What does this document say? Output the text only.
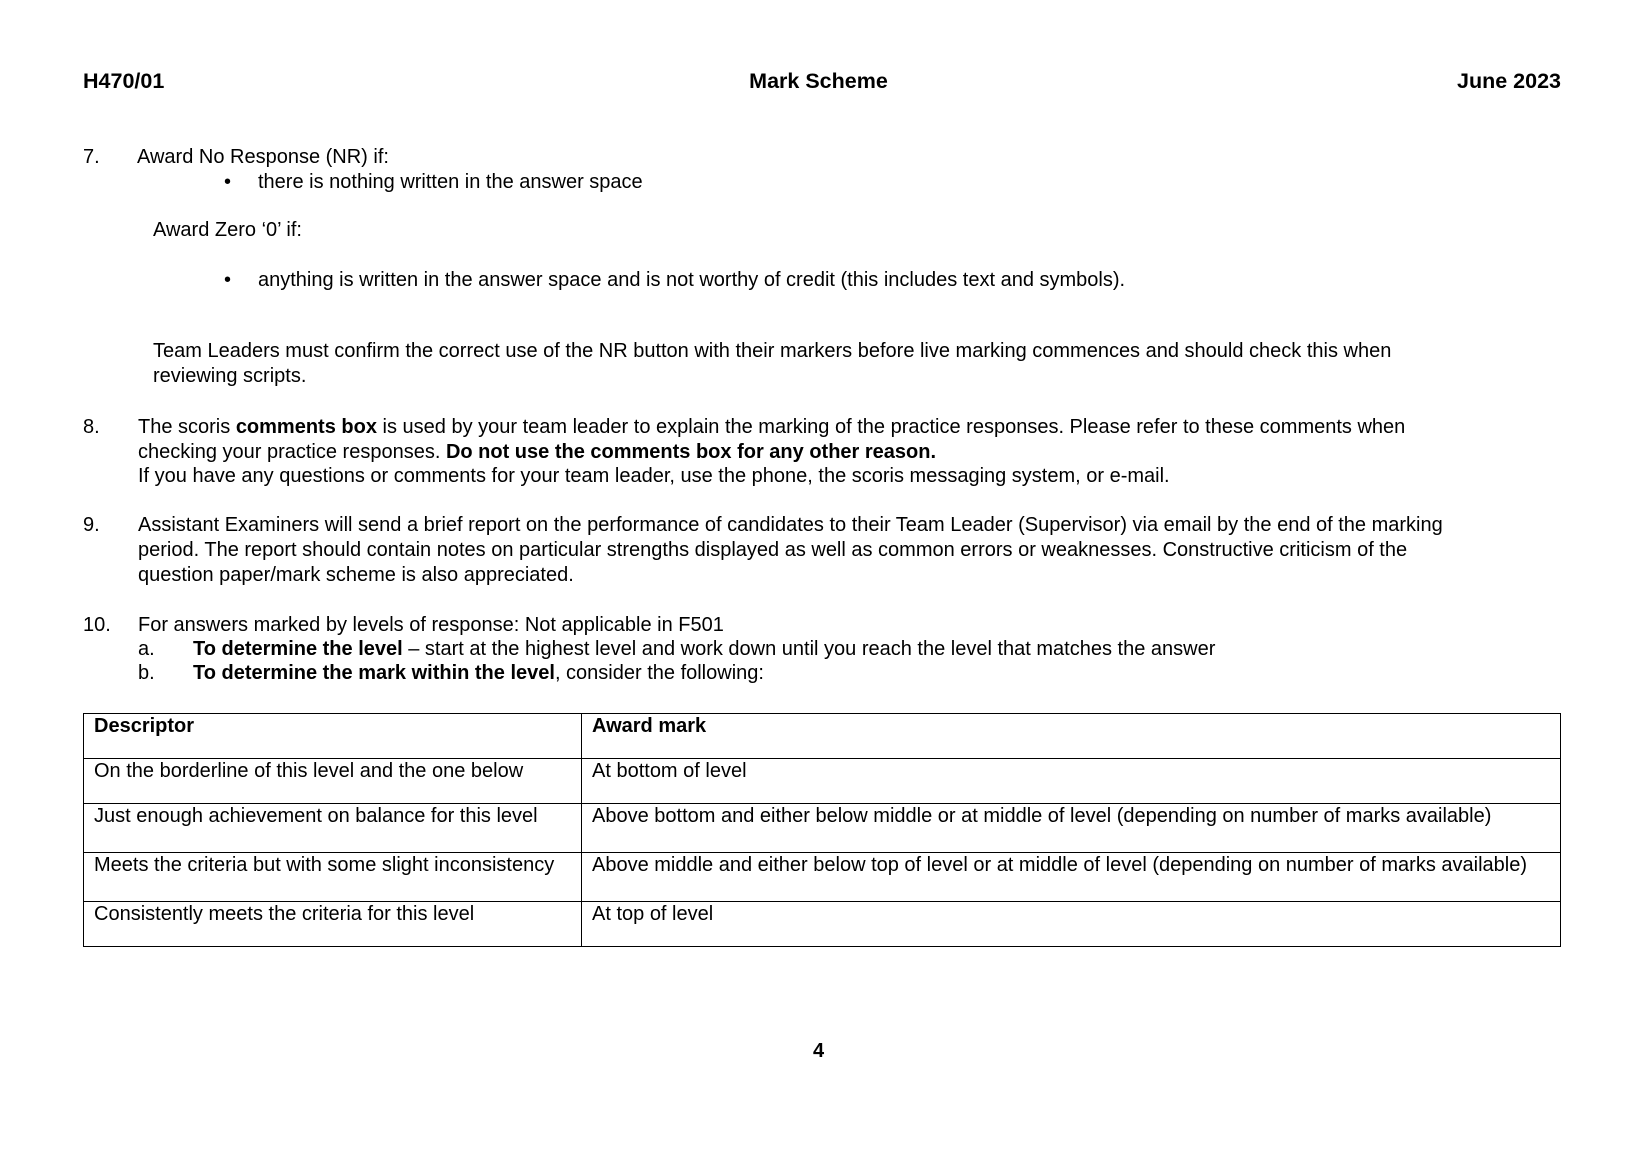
H470/01	Mark Scheme	June 2023
7. Award No Response (NR) if:
• there is nothing written in the answer space
Award Zero ‘0’ if:
• anything is written in the answer space and is not worthy of credit (this includes text and symbols).
Team Leaders must confirm the correct use of the NR button with their markers before live marking commences and should check this when
reviewing scripts.
8. The scoris comments box is used by your team leader to explain the marking of the practice responses. Please refer to these comments when
checking your practice responses. Do not use the comments box for any other reason.
If you have any questions or comments for your team leader, use the phone, the scoris messaging system, or e-mail.
9. Assistant Examiners will send a brief report on the performance of candidates to their Team Leader (Supervisor) via email by the end of the marking
period. The report should contain notes on particular strengths displayed as well as common errors or weaknesses. Constructive criticism of the
question paper/mark scheme is also appreciated.
10. For answers marked by levels of response: Not applicable in F501
a. To determine the level – start at the highest level and work down until you reach the level that matches the answer
b. To determine the mark within the level, consider the following:
Descriptor	Award mark
On the borderline of this level and the one below	At bottom of level
Just enough achievement on balance for this level	Above bottom and either below middle or at middle of level (depending on number of marks available)
Meets the criteria but with some slight inconsistency	Above middle and either below top of level or at middle of level (depending on number of marks available)
Consistently meets the criteria for this level	At top of level
4
